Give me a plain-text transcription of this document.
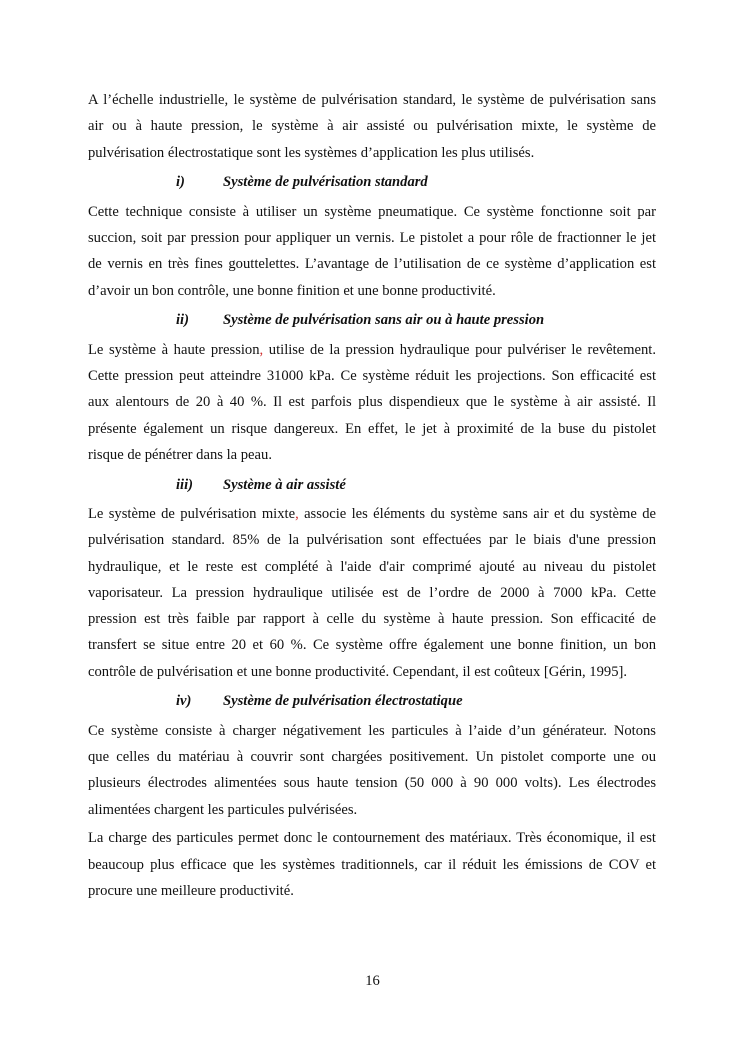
A l’échelle industrielle, le système de pulvérisation standard, le système de pulvérisation sans
air ou à haute pression, le système à air assisté ou pulvérisation mixte, le système de
pulvérisation électrostatique sont les systèmes d’application les plus utilisés.
i)	Système de pulvérisation standard
Cette technique consiste à utiliser un système pneumatique. Ce système fonctionne soit par
succion, soit par pression pour appliquer un vernis. Le pistolet a pour rôle de fractionner le jet
de vernis en très fines gouttelettes. L’avantage de l’utilisation de ce système d’application est
d’avoir un bon contrôle, une bonne finition et une bonne productivité.
ii) Système de pulvérisation sans air ou à haute pression
Le système à haute pression, utilise de la pression hydraulique pour pulvériser le revêtement.
Cette pression peut atteindre 31000 kPa. Ce système réduit les projections. Son efficacité est
aux alentours de 20 à 40 %. Il est parfois plus dispendieux que le système à air assisté. Il
présente également un risque dangereux. En effet, le jet à proximité de la buse du pistolet
risque de pénétrer dans la peau.
iii) Système à air assisté
Le système de pulvérisation mixte, associe les éléments du système sans air et du système de
pulvérisation standard. 85% de la pulvérisation sont effectuées par le biais d'une pression
hydraulique, et le reste est complété à l'aide d'air comprimé ajouté au niveau du pistolet
vaporisateur. La pression hydraulique utilisée est de l’ordre de 2000 à 7000 kPa. Cette
pression est très faible par rapport à celle du système à haute pression. Son efficacité de
transfert se situe entre 20 et 60 %. Ce système offre également une bonne finition, un bon
contrôle de pulvérisation et une bonne productivité. Cependant, il est coûteux [Gérin, 1995].
iv) Système de pulvérisation électrostatique
Ce système consiste à charger négativement les particules à l’aide d’un générateur. Notons
que celles du matériau à couvrir sont chargées positivement. Un pistolet comporte une ou
plusieurs électrodes alimentées sous haute tension (50 000 à 90 000 volts). Les électrodes
alimentées chargent les particules pulvérisées.
La charge des particules permet donc le contournement des matériaux. Très économique, il est
beaucoup plus efficace que les systèmes traditionnels, car il réduit les émissions de COV et
procure une meilleure productivité.
16
